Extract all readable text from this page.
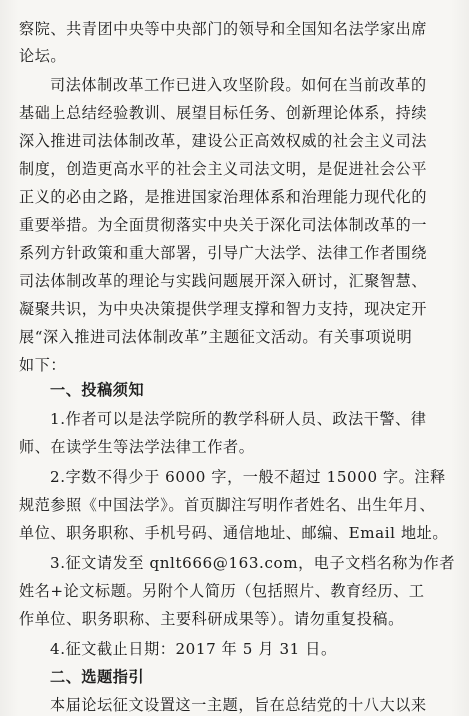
察院、共青团中央等中央部门的领导和全国知名法学家出席
论坛。
司法体制改革工作已进入攻坚阶段。如何在当前改革的
基础上总结经验教训、展望目标任务、创新理论体系，持续
深入推进司法体制改革，建设公正高效权威的社会主义司法
制度，创造更高水平的社会主义司法文明，是促进社会公平
正义的必由之路，是推进国家治理体系和治理能力现代化的
重要举措。为全面贯彻落实中央关于深化司法体制改革的一
系列方针政策和重大部署，引导广大法学、法律工作者围绕
司法体制改革的理论与实践问题展开深入研讨，汇聚智慧、
凝聚共识，为中央决策提供学理支撑和智力支持，现决定开
展“深入推进司法体制改革”主题征文活动。有关事项说明
如下：
一、投稿须知
1.作者可以是法学院所的教学科研人员、政法干警、律
师、在读学生等法学法律工作者。
2.字数不得少于 6000 字，一般不超过 15000 字。注释
规范参照《中国法学》。首页脚注写明作者姓名、出生年月、
单位、职务职称、手机号码、通信地址、邮编、Email 地址。
3.征文请发至 qnlt666@163.com，电子文档名称为作者
姓名+论文标题。另附个人简历（包括照片、教育经历、工
作单位、职务职称、主要科研成果等）。请勿重复投稿。
4.征文截止日期：2017 年 5 月 31 日。
二、选题指引
本届论坛征文设置这一主题，旨在总结党的十八大以来
